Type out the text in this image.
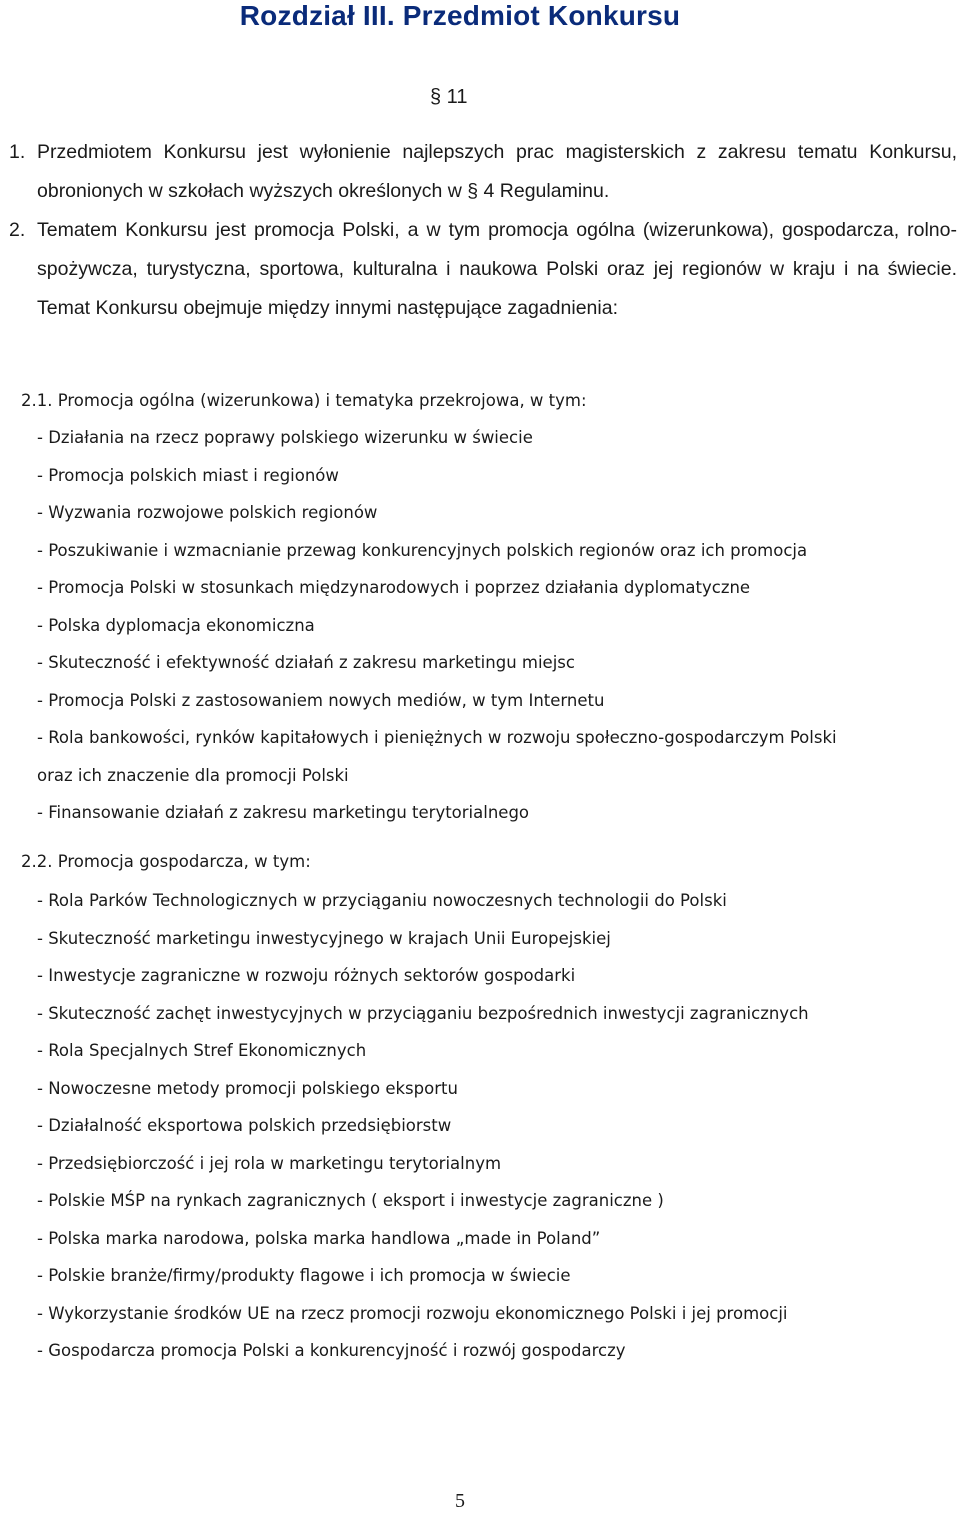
Rozdział III. Przedmiot Konkursu
§ 11
1. Przedmiotem Konkursu jest wyłonienie najlepszych prac magisterskich z zakresu tematu Konkursu, obronionych w szkołach wyższych określonych w § 4 Regulaminu.
2. Tematem Konkursu jest promocja Polski, a w tym promocja ogólna (wizerunkowa), gospodarcza, rolno-spożywcza, turystyczna, sportowa, kulturalna i naukowa Polski oraz jej regionów w kraju i na świecie. Temat Konkursu obejmuje między innymi następujące zagadnienia:
2.1. Promocja ogólna (wizerunkowa) i tematyka przekrojowa, w tym:
- Działania na rzecz poprawy polskiego wizerunku w świecie
- Promocja polskich miast i regionów
- Wyzwania rozwojowe polskich regionów
- Poszukiwanie i wzmacnianie przewag konkurencyjnych polskich regionów oraz ich promocja
- Promocja Polski w stosunkach międzynarodowych i poprzez działania dyplomatyczne
- Polska dyplomacja ekonomiczna
- Skuteczność i efektywność działań z zakresu marketingu miejsc
- Promocja Polski z zastosowaniem nowych mediów, w tym Internetu
- Rola bankowości, rynków kapitałowych i pieniężnych w rozwoju społeczno-gospodarczym Polski
oraz ich znaczenie dla promocji Polski
- Finansowanie działań z zakresu marketingu terytorialnego
2.2. Promocja gospodarcza, w tym:
- Rola Parków Technologicznych w przyciąganiu nowoczesnych technologii do Polski
- Skuteczność marketingu inwestycyjnego w krajach Unii Europejskiej
- Inwestycje zagraniczne w rozwoju różnych sektorów gospodarki
- Skuteczność zachęt inwestycyjnych w przyciąganiu bezpośrednich inwestycji zagranicznych
- Rola Specjalnych Stref Ekonomicznych
- Nowoczesne metody promocji polskiego eksportu
- Działalność eksportowa polskich przedsiębiorstw
- Przedsiębiorczość i jej rola w marketingu terytorialnym
- Polskie MŚP na rynkach zagranicznych ( eksport i inwestycje zagraniczne )
- Polska marka narodowa, polska marka handlowa „made in Poland”
- Polskie branże/firmy/produkty flagowe i ich promocja w świecie
- Wykorzystanie środków UE na rzecz promocji rozwoju ekonomicznego Polski i jej promocji
- Gospodarcza promocja Polski a konkurencyjność i rozwój gospodarczy
5
